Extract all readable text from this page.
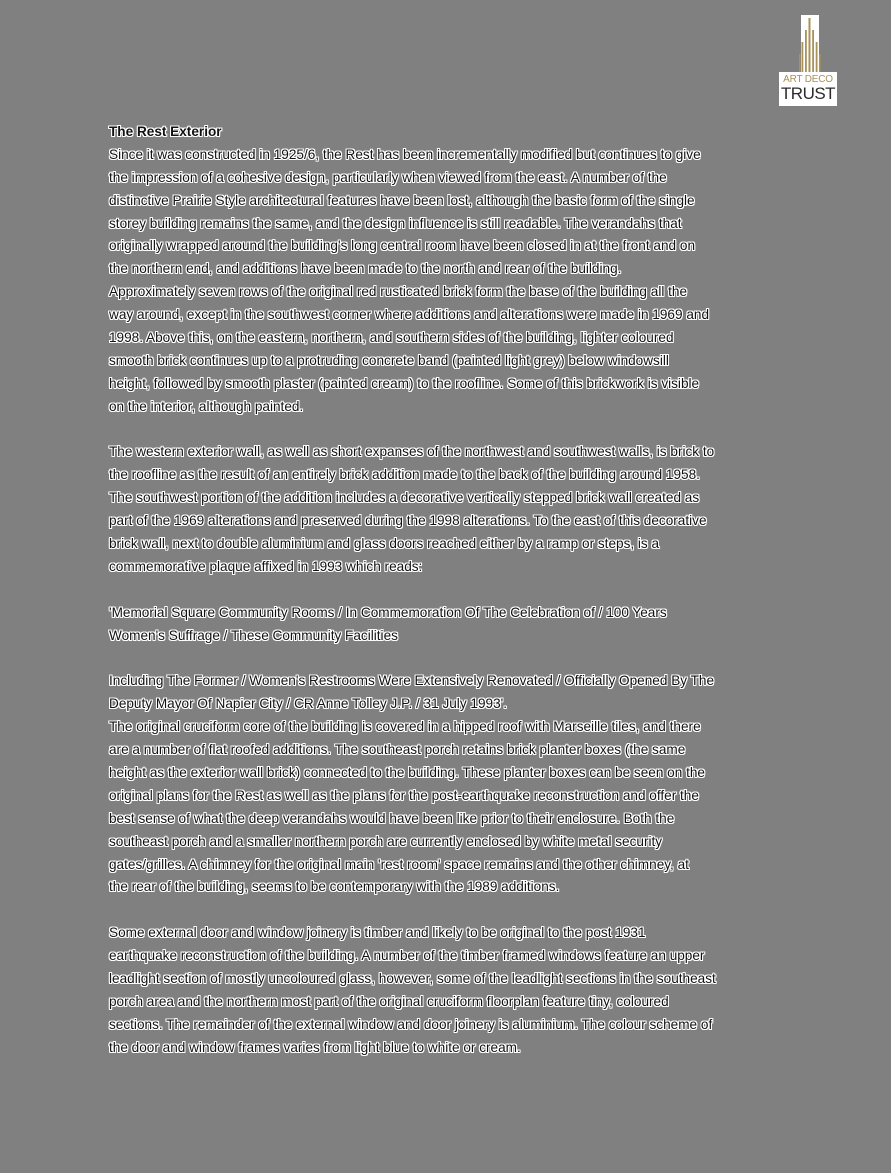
ART DECO
TRUST
The Rest Exterior
Since it was constructed in 1925/6, the Rest has been incrementally modified but continues to give
the impression of a cohesive design, particularly when viewed from the east. A number of the
distinctive Prairie Style architectural features have been lost, although the basic form of the single
storey building remains the same, and the design influence is still readable. The verandahs that
originally wrapped around the building's long central room have been closed in at the front and on
the northern end, and additions have been made to the north and rear of the building.
Approximately seven rows of the original red rusticated brick form the base of the building all the
way around, except in the southwest corner where additions and alterations were made in 1969 and
1998. Above this, on the eastern, northern, and southern sides of the building, lighter coloured
smooth brick continues up to a protruding concrete band (painted light grey) below windowsill
height, followed by smooth plaster (painted cream) to the roofline. Some of this brickwork is visible
on the interior, although painted.
The western exterior wall, as well as short expanses of the northwest and southwest walls, is brick to
the roofline as the result of an entirely brick addition made to the back of the building around 1958.
The southwest portion of the addition includes a decorative vertically stepped brick wall created as
part of the 1969 alterations and preserved during the 1998 alterations. To the east of this decorative
brick wall, next to double aluminium and glass doors reached either by a ramp or steps, is a
commemorative plaque affixed in 1993 which reads:
'Memorial Square Community Rooms / In Commemoration Of The Celebration of / 100 Years
Women's Suffrage / These Community Facilities
Including The Former / Women's Restrooms Were Extensively Renovated / Officially Opened By The
Deputy Mayor Of Napier City / CR Anne Tolley J.P. / 31 July 1993'.
The original cruciform core of the building is covered in a hipped roof with Marseille tiles, and there
are a number of flat roofed additions. The southeast porch retains brick planter boxes (the same
height as the exterior wall brick) connected to the building. These planter boxes can be seen on the
original plans for the Rest as well as the plans for the post-earthquake reconstruction and offer the
best sense of what the deep verandahs would have been like prior to their enclosure. Both the
southeast porch and a smaller northern porch are currently enclosed by white metal security
gates/grilles. A chimney for the original main 'rest room' space remains and the other chimney, at
the rear of the building, seems to be contemporary with the 1989 additions.
Some external door and window joinery is timber and likely to be original to the post 1931
earthquake reconstruction of the building. A number of the timber framed windows feature an upper
leadlight section of mostly uncoloured glass, however, some of the leadlight sections in the southeast
porch area and the northern most part of the original cruciform floorplan feature tiny, coloured
sections. The remainder of the external window and door joinery is aluminium. The colour scheme of
the door and window frames varies from light blue to white or cream.
